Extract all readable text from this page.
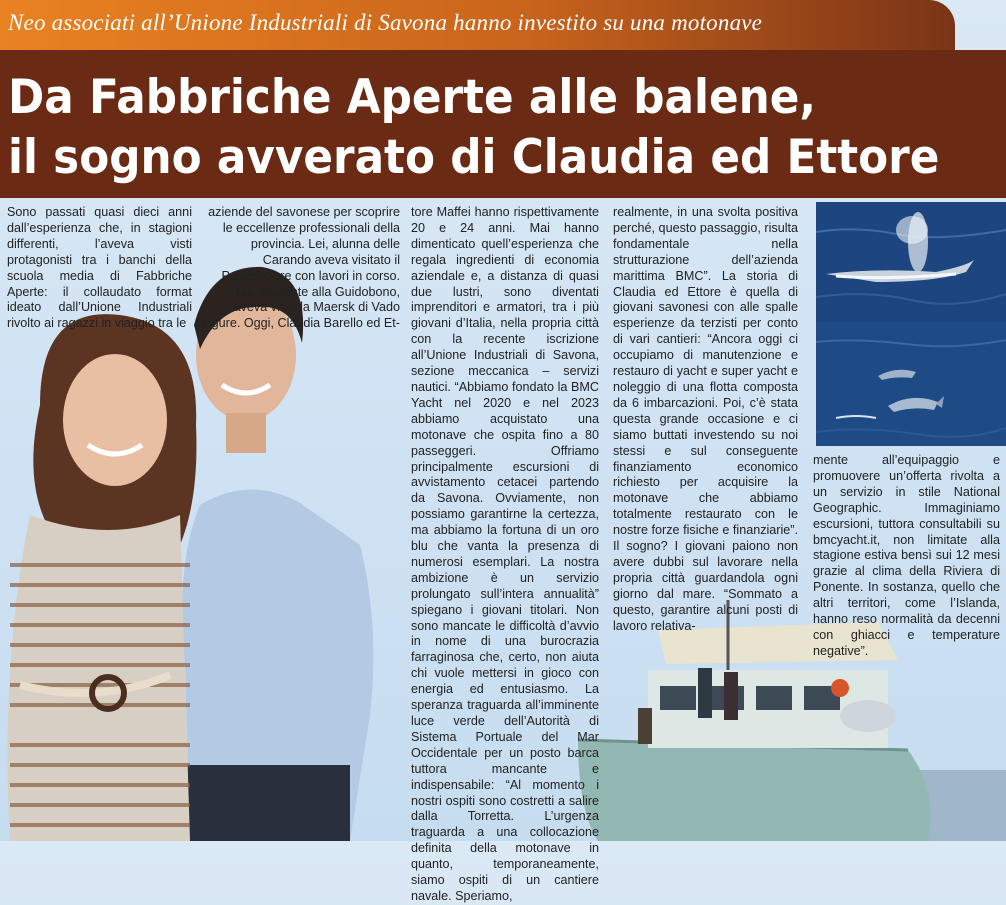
Neo associati all’Unione Industriali di Savona hanno investito su una motonave
Da Fabbriche Aperte alle balene,
il sogno avverato di Claudia ed Ettore

Sono passati quasi dieci anni dall’esperienza che, in stagioni differenti, l’aveva visti protagonisti tra i banchi della scuola media di Fabbriche Aperte: il collaudato format ideato dall’Unione Industriali rivolto ai ragazzi in viaggio tra le

aziende del savonese per scoprire le eccellenze professionali della provincia. Lei, alunna delle Carando aveva visitato il Palacrociere con lavori in corso. Lui, studente alla Guidobono, aveva visto la Maersk di Vado Ligure. Oggi, Claudia Barello ed Et-

tore Maffei hanno rispettivamente 20 e 24 anni. Mai hanno dimenticato quell’esperienza che regala ingredienti di economia aziendale e, a distanza di quasi due lustri, sono diventati imprenditori e armatori, tra i più giovani d’Italia, nella propria città con la recente iscrizione all’Unione Industriali di Savona, sezione meccanica – servizi nautici. “Abbiamo fondato la BMC Yacht nel 2020 e nel 2023 abbiamo acquistato una motonave che ospita fino a 80 passeggeri. Offriamo principalmente escursioni di avvistamento cetacei partendo da Savona. Ovviamente, non possiamo garantirne la certezza, ma abbiamo la fortuna di un oro blu che vanta la presenza di numerosi esemplari. La nostra ambizione è un servizio prolungato sull’intera annualità” spiegano i giovani titolari. Non sono mancate le difficoltà d’avvio in nome di una burocrazia farraginosa che, certo, non aiuta chi vuole mettersi in gioco con energia ed entusiasmo. La speranza traguarda all’imminente luce verde dell’Autorità di Sistema Portuale del Mar Occidentale per un posto barca tuttora mancante e indispensabile: “Al momento i nostri ospiti sono costretti a salire dalla Torretta. L’urgenza traguarda a una collocazione definita della motonave in quanto, temporaneamente, siamo ospiti di un cantiere navale. Speriamo,

realmente, in una svolta positiva perché, questo passaggio, risulta fondamentale nella strutturazione dell’azienda marittima BMC”. La storia di Claudia ed Ettore è quella di giovani savonesi con alle spalle esperienze da terzisti per conto di vari cantieri: “Ancora oggi ci occupiamo di manutenzione e restauro di yacht e super yacht e noleggio di una flotta composta da 6 imbarcazioni. Poi, c’è stata questa grande occasione e ci siamo buttati investendo su noi stessi e sul conseguente finanziamento economico richiesto per acquisire la motonave che abbiamo totalmente restaurato con le nostre forze fisiche e finanziarie”. Il sogno? I giovani paiono non avere dubbi sul lavorare nella propria città guardandola ogni giorno dal mare. “Sommato a questo, garantire alcuni posti di lavoro relativa-

mente all’equipaggio e promuovere un’offerta rivolta a un servizio in stile National Geographic. Immaginiamo escursioni, tuttora consultabili su bmcyacht.it, non limitate alla stagione estiva bensì sui 12 mesi grazie al clima della Riviera di Ponente. In sostanza, quello che altri territori, come l’Islanda, hanno reso normalità da decenni con ghiacci e temperature negative”.
